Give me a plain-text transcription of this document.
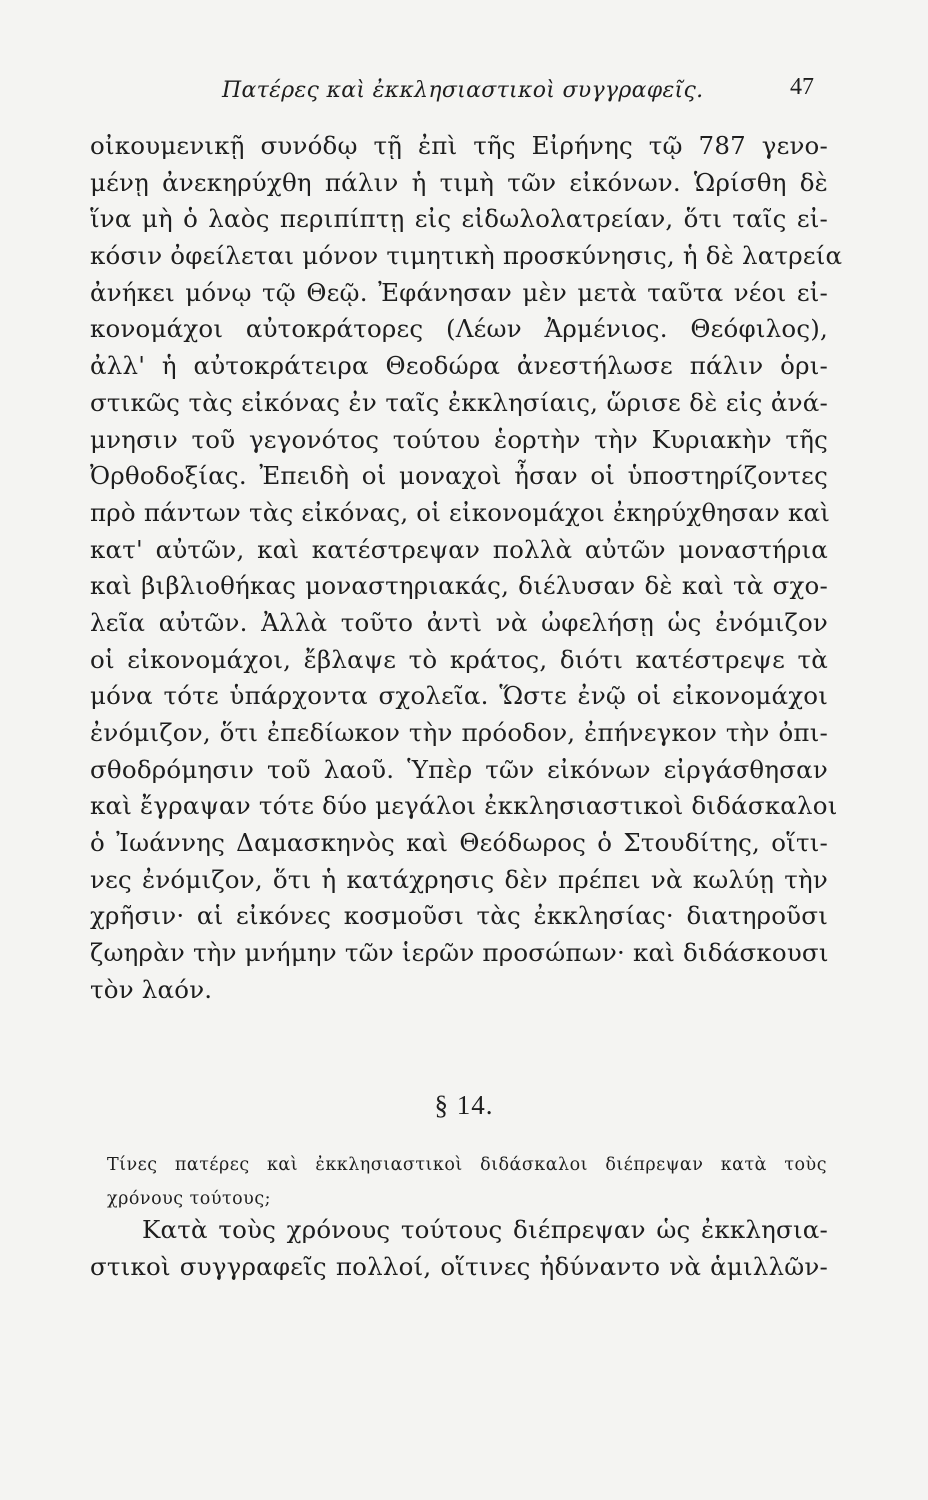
Πατέρες καὶ ἐκκλησιαστικοὶ συγγραφεῖς.	47
οἰκουμενικῇ συνόδῳ τῇ ἐπὶ τῆς Εἰρήνης τῷ 787 γενο-
μένῃ ἀνεκηρύχθη πάλιν ἡ τιμὴ τῶν εἰκόνων. Ὡρίσθη δὲ
ἵνα μὴ ὁ λαὸς περιπίπτῃ εἰς εἰδωλολατρείαν, ὅτι ταῖς εἰ-
κόσιν ὀφείλεται μόνον τιμητικὴ προσκύνησις, ἡ δὲ λατρεία
ἀνήκει μόνῳ τῷ Θεῷ. Ἐφάνησαν μὲν μετὰ ταῦτα νέοι εἰ-
κονομάχοι αὐτοκράτορες (Λέων Ἀρμένιος. Θεόφιλος),
ἀλλ' ἡ αὐτοκράτειρα Θεοδώρα ἀνεστήλωσε πάλιν ὁρι-
στικῶς τὰς εἰκόνας ἐν ταῖς ἐκκλησίαις, ὥρισε δὲ εἰς ἀνά-
μνησιν τοῦ γεγονότος τούτου ἑορτὴν τὴν Κυριακὴν τῆς
Ὀρθοδοξίας. Ἐπειδὴ οἱ μοναχοὶ ἦσαν οἱ ὑποστηρίζοντες
πρὸ πάντων τὰς εἰκόνας, οἱ εἰκονομάχοι ἐκηρύχθησαν καὶ
κατ' αὐτῶν, καὶ κατέστρεψαν πολλὰ αὐτῶν μοναστήρια
καὶ βιβλιοθήκας μοναστηριακάς, διέλυσαν δὲ καὶ τὰ σχο-
λεῖα αὐτῶν. Ἀλλὰ τοῦτο ἀντὶ νὰ ὠφελήσῃ ὡς ἐνόμιζον
οἱ εἰκονομάχοι, ἔβλαψε τὸ κράτος, διότι κατέστρεψε τὰ
μόνα τότε ὑπάρχοντα σχολεῖα. Ὥστε ἐνῷ οἱ εἰκονομάχοι
ἐνόμιζον, ὅτι ἐπεδίωκον τὴν πρόοδον, ἐπήνεγκον τὴν ὀπι-
σθοδρόμησιν τοῦ λαοῦ. Ὑπὲρ τῶν εἰκόνων εἰργάσθησαν
καὶ ἔγραψαν τότε δύο μεγάλοι ἐκκλησιαστικοὶ διδάσκαλοι
ὁ Ἰωάννης Δαμασκηνὸς καὶ Θεόδωρος ὁ Στουδίτης, οἵτι-
νες ἐνόμιζον, ὅτι ἡ κατάχρησις δὲν πρέπει νὰ κωλύῃ τὴν
χρῆσιν· αἱ εἰκόνες κοσμοῦσι τὰς ἐκκλησίας· διατηροῦσι
ζωηρὰν τὴν μνήμην τῶν ἱερῶν προσώπων· καὶ διδάσκουσι
τὸν λαόν.
§ 14.
Τίνες πατέρες καὶ ἐκκλησιαστικοὶ διδάσκαλοι διέπρεψαν κατὰ τοὺς
χρόνους τούτους;
Κατὰ τοὺς χρόνους τούτους διέπρεψαν ὡς ἐκκλησια-
στικοὶ συγγραφεῖς πολλοί, οἵτινες ἠδύναντο νὰ ἁμιλλῶν-
